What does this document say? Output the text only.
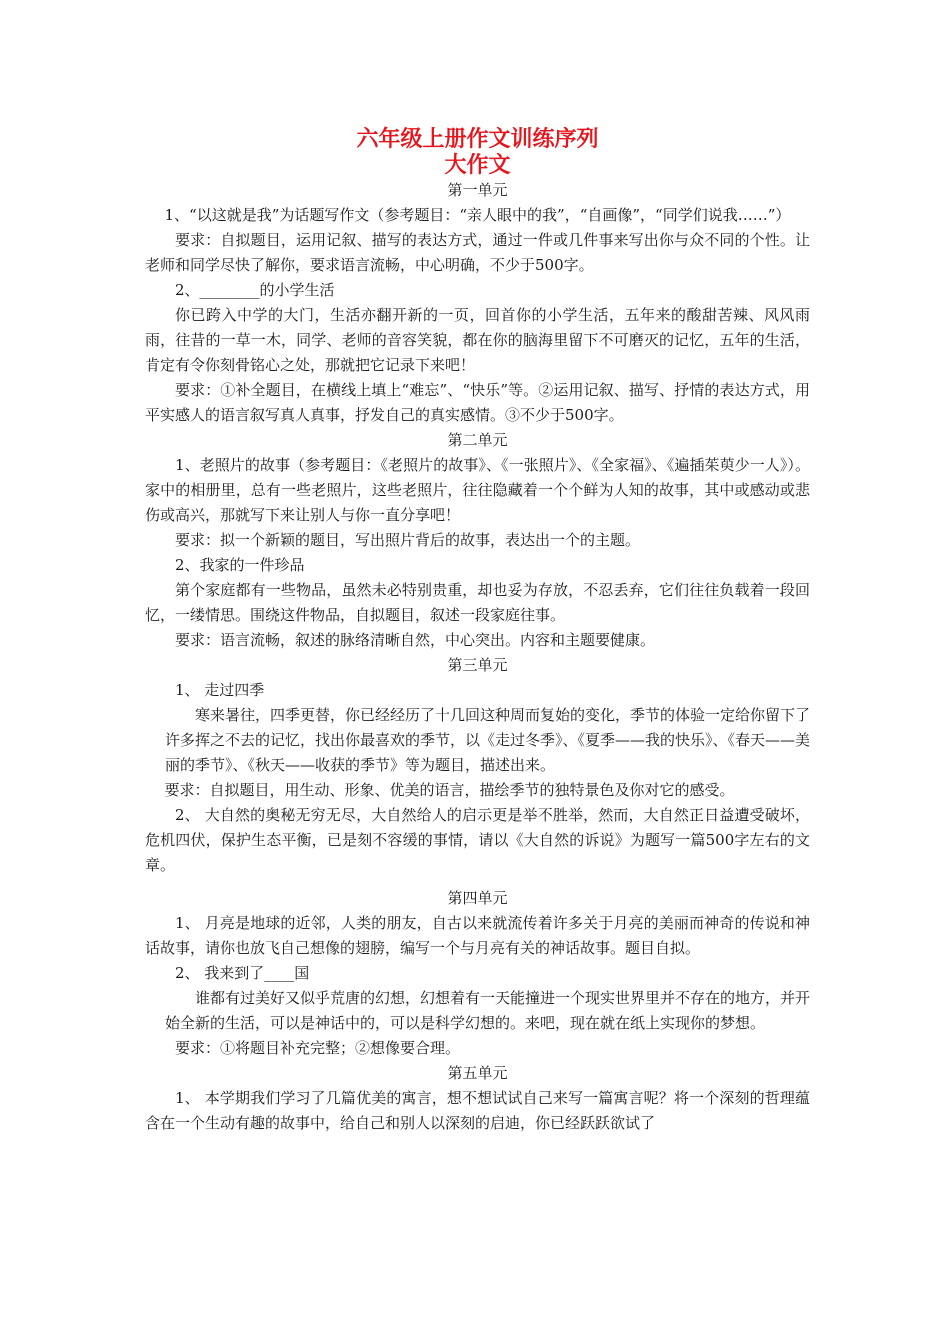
六年级上册作文训练序列
大作文

第一单元

1、“以这就是我”为话题写作文（参考题目：“亲人眼中的我”，“自画像”，“同学们说我……”）

要求：自拟题目，运用记叙、描写的表达方式，通过一件或几件事来写出你与众不同的个性。让老师和同学尽快了解你，要求语言流畅，中心明确，不少于500字。

2、________的小学生活

你已跨入中学的大门，生活亦翻开新的一页，回首你的小学生活，五年来的酸甜苦辣、风风雨雨，往昔的一草一木，同学、老师的音容笑貌，都在你的脑海里留下不可磨灭的记忆，五年的生活，肯定有令你刻骨铭心之处，那就把它记录下来吧！

要求：①补全题目，在横线上填上“难忘”、“快乐”等。②运用记叙、描写、抒情的表达方式，用平实感人的语言叙写真人真事，抒发自己的真实感情。③不少于500字。

第二单元

1、老照片的故事（参考题目：《老照片的故事》、《一张照片》、《全家福》、《遍插茱萸少一人》）。家中的相册里，总有一些老照片，这些老照片，往往隐藏着一个个鲜为人知的故事，其中或感动或悲伤或高兴，那就写下来让别人与你一直分享吧！

要求：拟一个新颖的题目，写出照片背后的故事，表达出一个的主题。

2、我家的一件珍品

第个家庭都有一些物品，虽然未必特别贵重，却也妥为存放，不忍丢弃，它们往往负载着一段回忆，一缕情思。围绕这件物品，自拟题目，叙述一段家庭往事。

要求：语言流畅，叙述的脉络清晰自然，中心突出。内容和主题要健康。

第三单元

1、 走过四季

寒来暑往，四季更替，你已经经历了十几回这种周而复始的变化，季节的体验一定给你留下了许多挥之不去的记忆，找出你最喜欢的季节，以《走过冬季》、《夏季——我的快乐》、《春天——美丽的季节》、《秋天——收获的季节》等为题目，描述出来。

要求：自拟题目，用生动、形象、优美的语言，描绘季节的独特景色及你对它的感受。

2、 大自然的奥秘无穷无尽，大自然给人的启示更是举不胜举，然而，大自然正日益遭受破坏，危机四伏，保护生态平衡，已是刻不容缓的事情，请以《大自然的诉说》为题写一篇500字左右的文章。

第四单元

1、 月亮是地球的近邻，人类的朋友，自古以来就流传着许多关于月亮的美丽而神奇的传说和神话故事，请你也放飞自己想像的翅膀，编写一个与月亮有关的神话故事。题目自拟。

2、 我来到了____国

谁都有过美好又似乎荒唐的幻想，幻想着有一天能撞进一个现实世界里并不存在的地方，并开始全新的生活，可以是神话中的，可以是科学幻想的。来吧，现在就在纸上实现你的梦想。

要求：①将题目补充完整；②想像要合理。

第五单元

1、 本学期我们学习了几篇优美的寓言，想不想试试自己来写一篇寓言呢？将一个深刻的哲理蕴含在一个生动有趣的故事中，给自己和别人以深刻的启迪，你已经跃跃欲试了
